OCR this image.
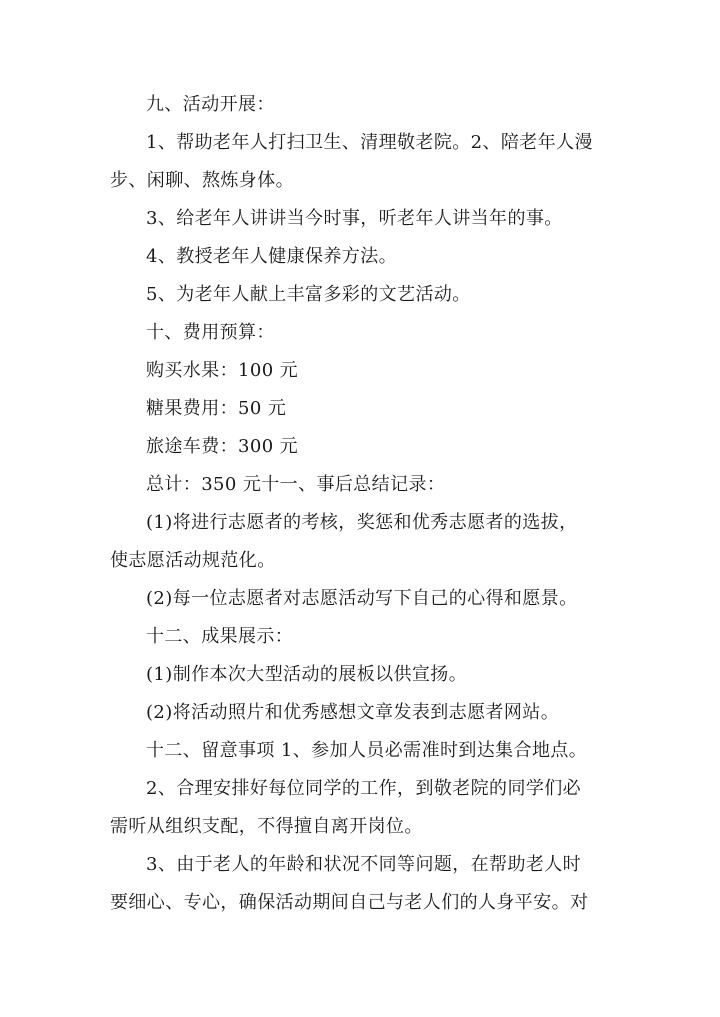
九、活动开展：
1、帮助老年人打扫卫生、清理敬老院。2、陪老年人漫
步、闲聊、熬炼身体。
3、给老年人讲讲当今时事，听老年人讲当年的事。
4、教授老年人健康保养方法。
5、为老年人献上丰富多彩的文艺活动。
十、费用预算：
购买水果：100 元
糖果费用：50 元
旅途车费：300 元
总计：350 元十一、事后总结记录：
(1)将进行志愿者的考核，奖惩和优秀志愿者的选拔，
使志愿活动规范化。
(2)每一位志愿者对志愿活动写下自己的心得和愿景。
十二、成果展示：
(1)制作本次大型活动的展板以供宣扬。
(2)将活动照片和优秀感想文章发表到志愿者网站。
十二、留意事项 1、参加人员必需准时到达集合地点。
2、合理安排好每位同学的工作，到敬老院的同学们必
需听从组织支配，不得擅自离开岗位。
3、由于老人的年龄和状况不同等问题，在帮助老人时
要细心、专心，确保活动期间自己与老人们的人身平安。对
